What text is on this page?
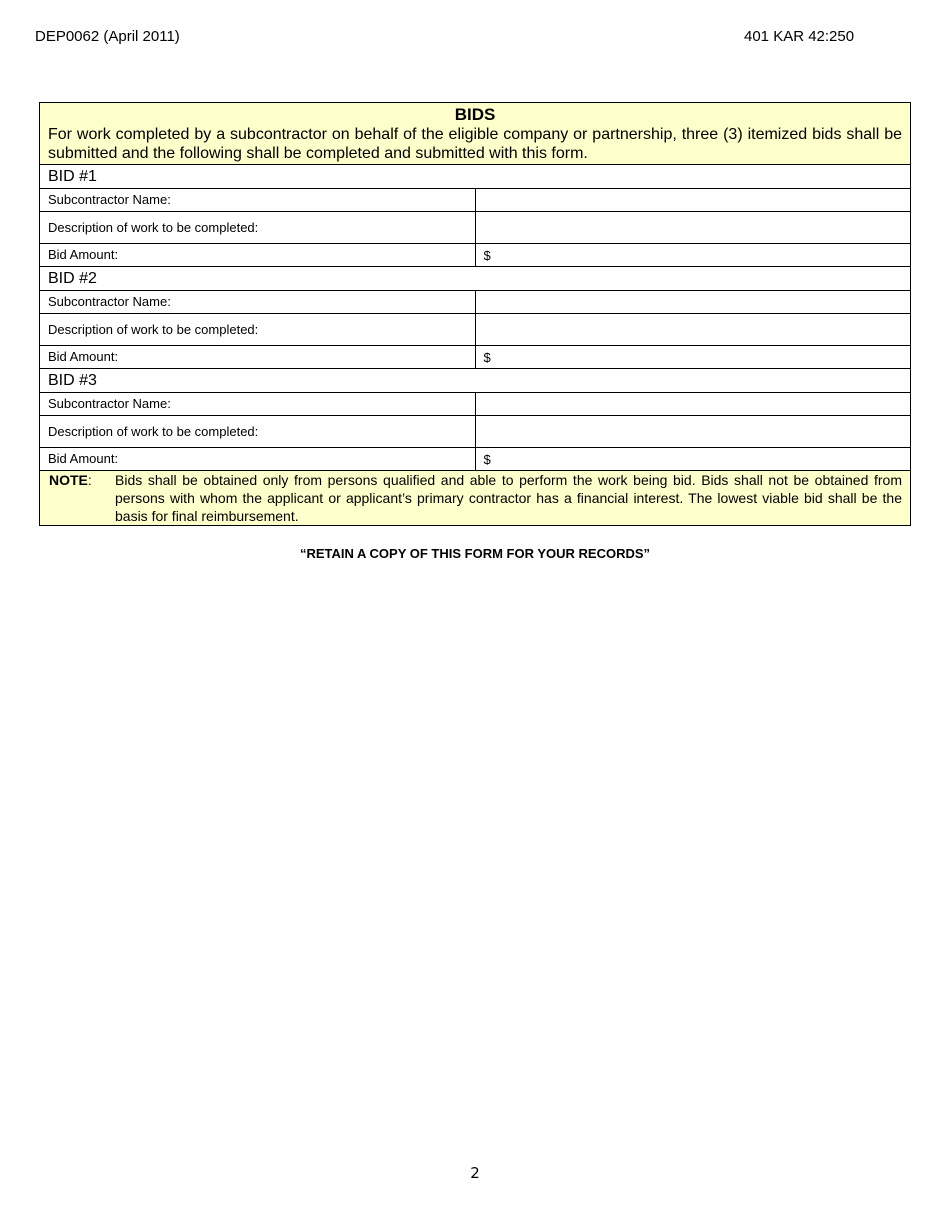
DEP0062 (April 2011)	401 KAR 42:250
BIDS
For work completed by a subcontractor on behalf of the eligible company or partnership, three (3) itemized bids shall be submitted and the following shall be completed and submitted with this form.	

BID #1	
Subcontractor Name:	
Description of work to be completed:	
Bid Amount:	$
BID #2	
Subcontractor Name:	
Description of work to be completed:	
Bid Amount:	$
BID #3	
Subcontractor Name:	
Description of work to be completed:	
Bid Amount:	$

NOTE: Bids shall be obtained only from persons qualified and able to perform the work being bid. Bids shall not be obtained from persons with whom the applicant or applicant’s primary contractor has a financial interest. The lowest viable bid shall be the basis for final reimbursement.	
“RETAIN A COPY OF THIS FORM FOR YOUR RECORDS”
2
